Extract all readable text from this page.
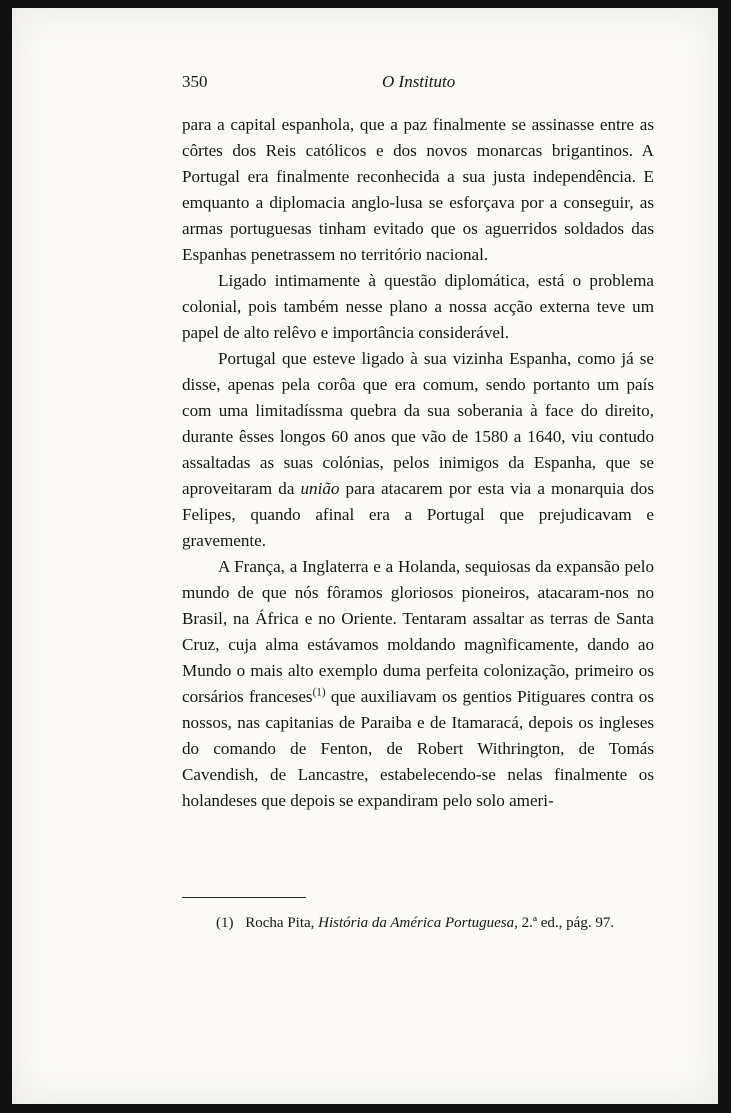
350	O Instituto

para a capital espanhola, que a paz finalmente se assinasse entre as côrtes dos Reis católicos e dos novos monarcas brigantinos. A Portugal era finalmente reconhecida a sua justa independência. E emquanto a diplomacia anglo-lusa se esforçava por a conseguir, as armas portuguesas tinham evitado que os aguerridos soldados das Espanhas penetrassem no território nacional.

Ligado intimamente à questão diplomática, está o problema colonial, pois também nesse plano a nossa acção externa teve um papel de alto relêvo e importância considerável.

Portugal que esteve ligado à sua vizinha Espanha, como já se disse, apenas pela corôa que era comum, sendo portanto um país com uma limitadíssma quebra da sua soberania à face do direito, durante êsses longos 60 anos que vão de 1580 a 1640, viu contudo assaltadas as suas colónias, pelos inimigos da Espanha, que se aproveitaram da união para atacarem por esta via a monarquia dos Felipes, quando afinal era a Portugal que prejudicavam e gravemente.

A França, a Inglaterra e a Holanda, sequiosas da expansão pelo mundo de que nós fôramos gloriosos pioneiros, atacaram-nos no Brasil, na África e no Oriente. Tentaram assaltar as terras de Santa Cruz, cuja alma estávamos moldando magnìficamente, dando ao Mundo o mais alto exemplo duma perfeita colonização, primeiro os corsários franceses$^{(1)}$ que auxiliavam os gentios Pitiguares contra os nossos, nas capitanias de Paraiba e de Itamaracá, depois os ingleses do comando de Fenton, de Robert Withrington, de Tomás Cavendish, de Lancastre, estabelecendo-se nelas finalmente os holandeses que depois se expandiram pelo solo ameri-

(1) Rocha Pita, História da América Portuguesa, 2.ª ed., pág. 97.
